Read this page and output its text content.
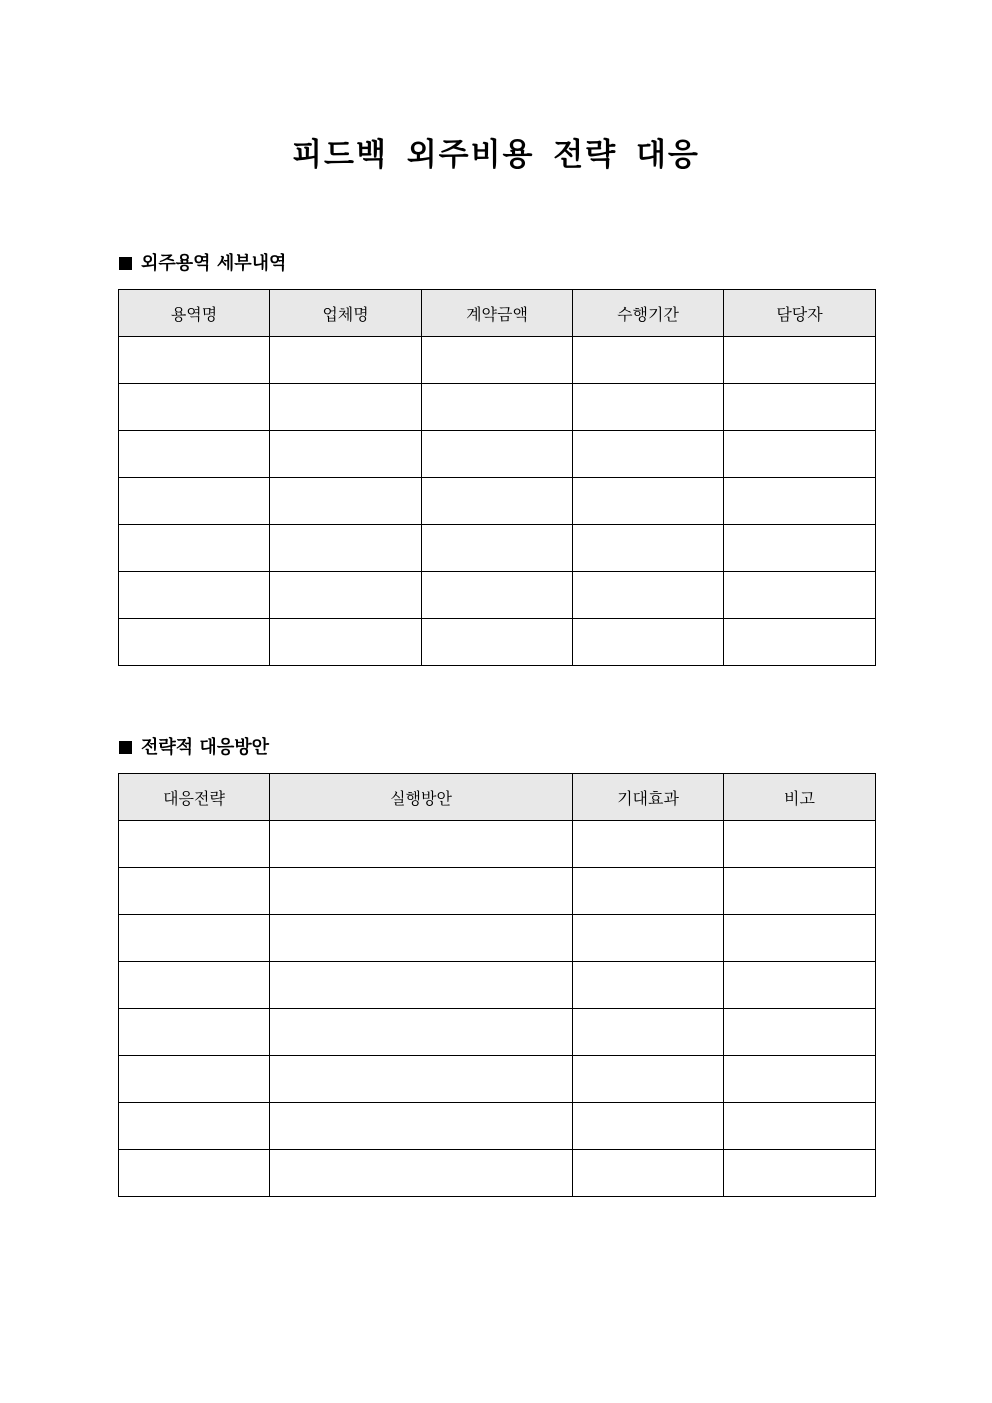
피드백 외주비용 전략 대응
외주용역 세부내역
용역명	업체명	계약금액	수행기간	담당자

전략적 대응방안
대응전략	실행방안	기대효과	비고
